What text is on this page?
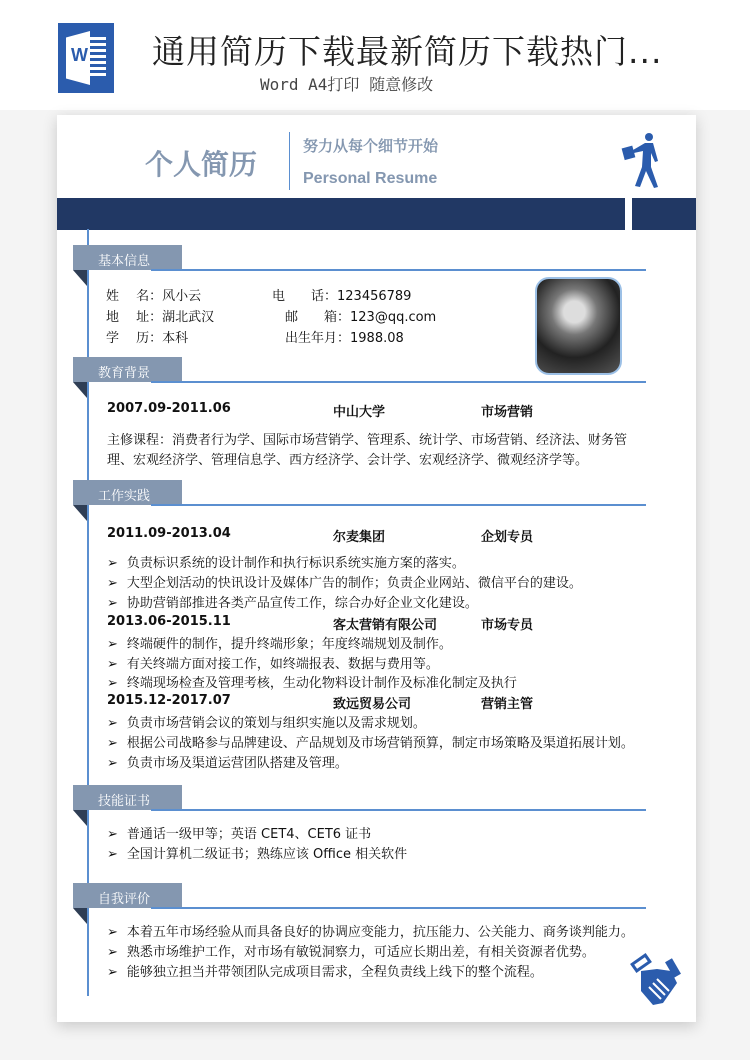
W 通用简历下载最新简历下载热门...
Word A4打印 随意修改
个人简历
努力从每个细节开始
Personal Resume
基本信息
姓　 名：风小云	电　　话：123456789
地　 址：湖北武汉	邮　　箱：123@qq.com
学　 历：本科	出生年月：1988.08
教育背景
2007.09-2011.06	中山大学	市场营销
主修课程：消费者行为学、国际市场营销学、管理系、统计学、市场营销、经济法、财务管
理、宏观经济学、管理信息学、西方经济学、会计学、宏观经济学、微观经济学等。
工作实践
2011.09-2013.04	尔麦集团	企划专员
➢ 负责标识系统的设计制作和执行标识系统实施方案的落实。
➢ 大型企划活动的快讯设计及媒体广告的制作；负责企业网站、微信平台的建设。
➢ 协助营销部推进各类产品宣传工作，综合办好企业文化建设。
2013.06-2015.11	客太营销有限公司	市场专员
➢ 终端硬件的制作，提升终端形象；年度终端规划及制作。
➢ 有关终端方面对接工作，如终端报表、数据与费用等。
➢ 终端现场检查及管理考核，生动化物料设计制作及标准化制定及执行
2015.12-2017.07	致远贸易公司	营销主管
➢ 负责市场营销会议的策划与组织实施以及需求规划。
➢ 根据公司战略参与品牌建设、产品规划及市场营销预算，制定市场策略及渠道拓展计划。
➢ 负责市场及渠道运营团队搭建及管理。
技能证书
➢ 普通话一级甲等；英语 CET4、CET6 证书
➢ 全国计算机二级证书；熟练应该 Office 相关软件
自我评价
➢ 本着五年市场经验从而具备良好的协调应变能力，抗压能力、公关能力、商务谈判能力。
➢ 熟悉市场维护工作，对市场有敏锐洞察力，可适应长期出差，有相关资源者优势。
➢ 能够独立担当并带领团队完成项目需求，全程负责线上线下的整个流程。
